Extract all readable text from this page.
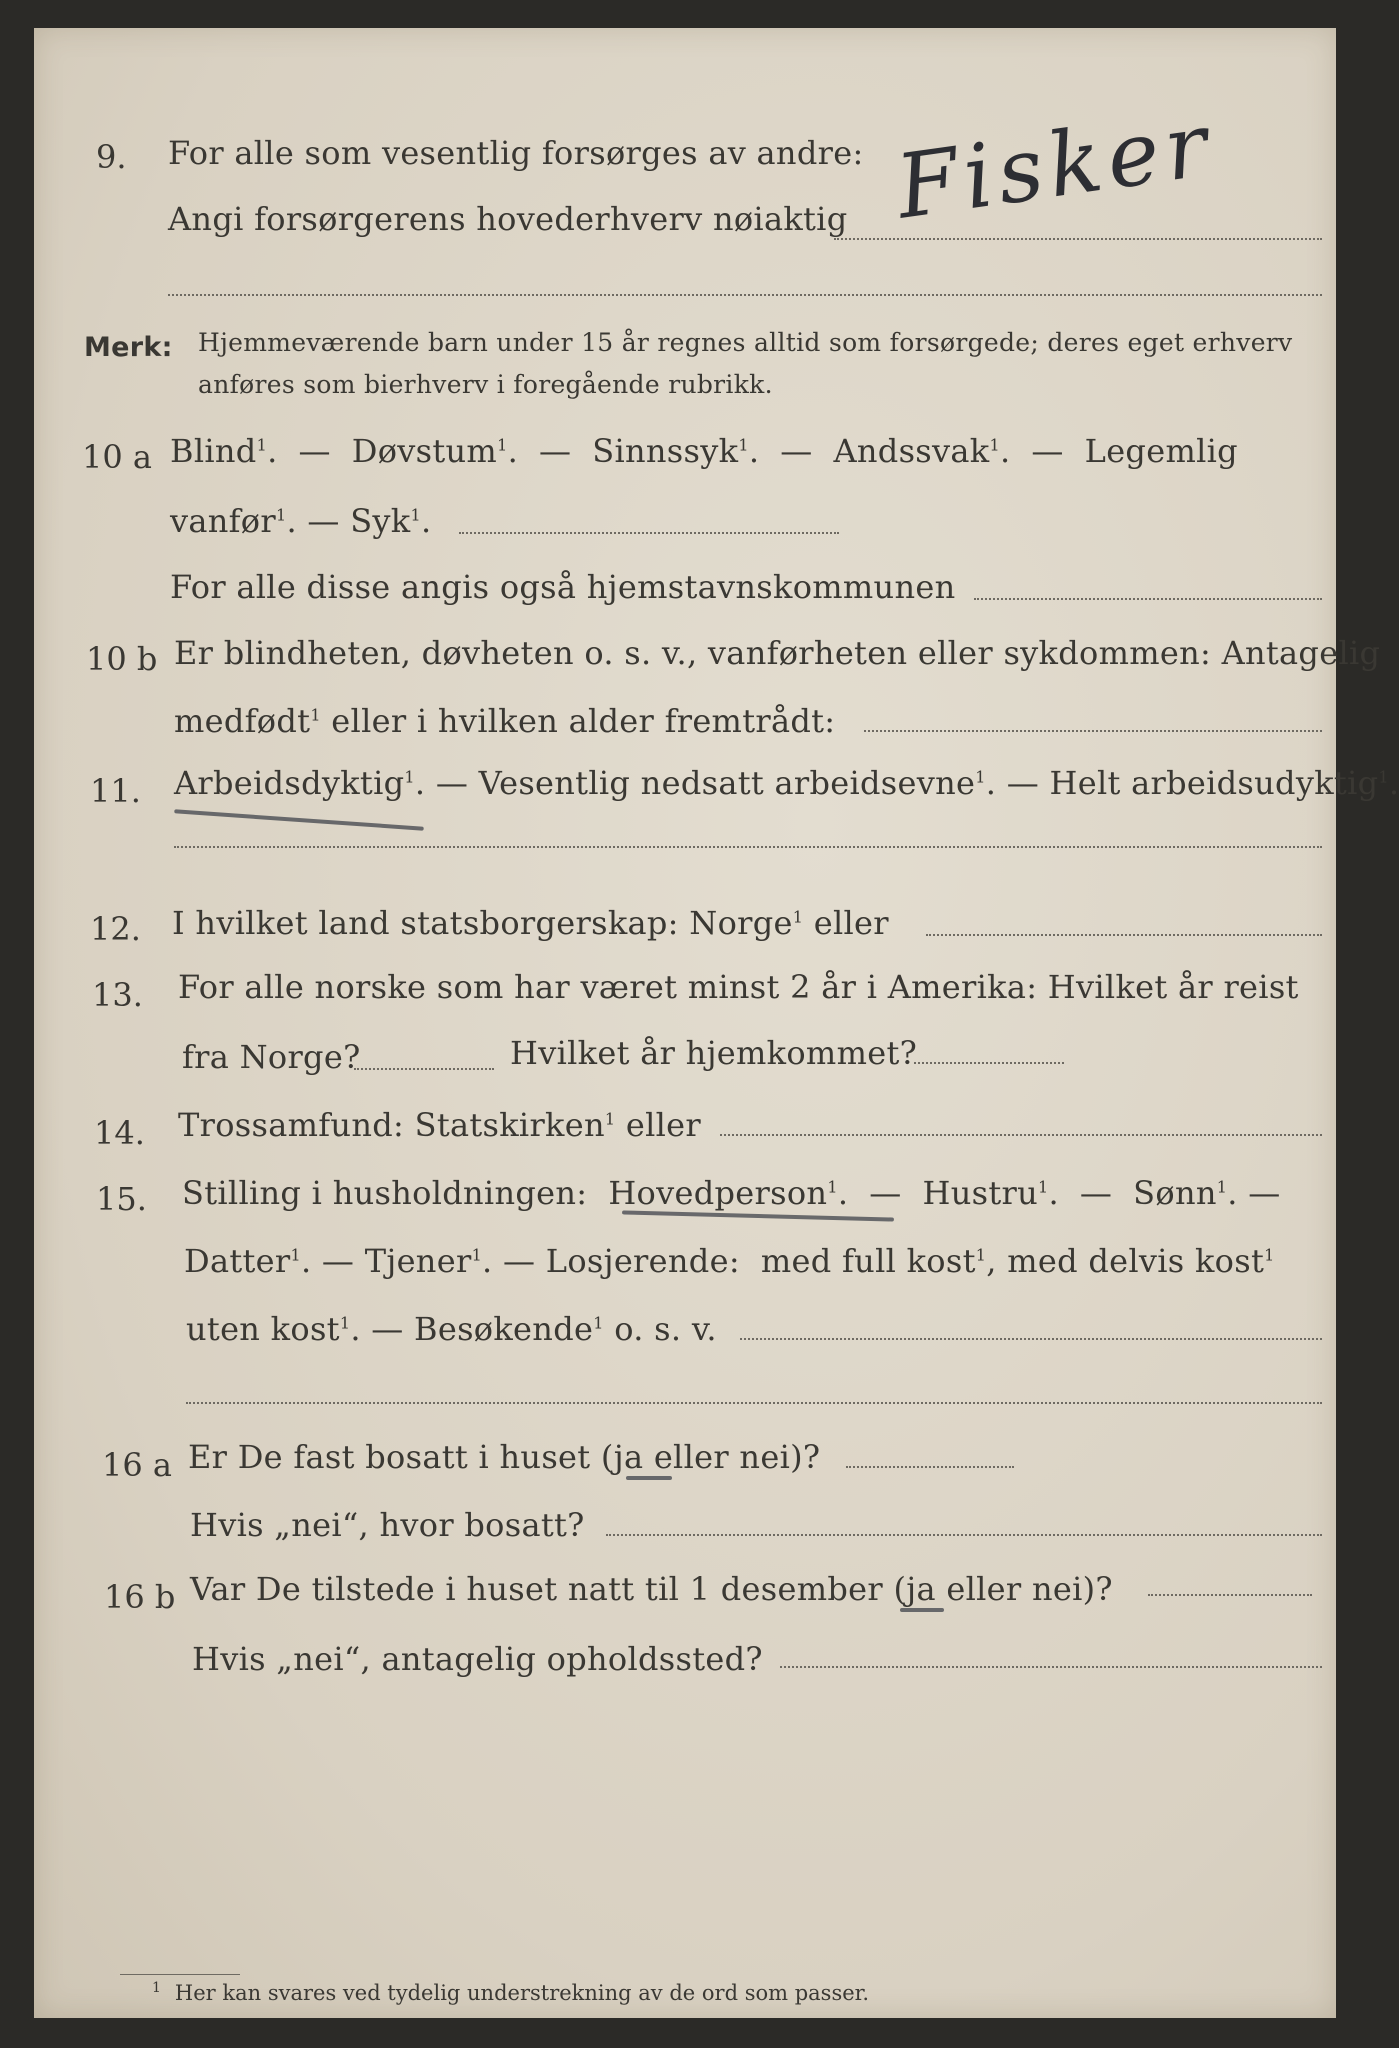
9. For alle som vesentlig forsørges av andre:
Angi forsørgerens hovederhverv nøiaktig Fisker
Merk: Hjemmeværende barn under 15 år regnes alltid som forsørgede; deres eget erhverv
anføres som bierhverv i foregående rubrikk.
10 a Blind$^1$.  —  Døvstum$^1$.  —  Sinnssyk$^1$.  —  Andssvak$^1$.  —  Legemlig
vanfør$^1$. — Syk$^1$.
For alle disse angis også hjemstavnskommunen
10 b Er blindheten, døvheten o. s. v., vanførheten eller sykdommen: Antagelig
medfødt$^1$ eller i hvilken alder fremtrådt:
11. Arbeidsdyktig$^1$. — Vesentlig nedsatt arbeidsevne$^1$. — Helt arbeidsudyktig$^1$.
12. I hvilket land statsborgerskap: Norge$^1$ eller
13. For alle norske som har været minst 2 år i Amerika: Hvilket år reist
fra Norge?	Hvilket år hjemkommet?
14. Trossamfund: Statskirken$^1$ eller
15. Stilling i husholdningen: Hovedperson$^1$.  —  Hustru$^1$.  —  Sønn$^1$. —
Datter$^1$. — Tjener$^1$. — Losjerende: med full kost$^1$, med delvis kost$^1$
uten kost$^1$. — Besøkende$^1$ o. s. v.
16 a Er De fast bosatt i huset (ja eller nei)?
Hvis „nei“, hvor bosatt?
16 b Var De tilstede i huset natt til 1 desember (ja eller nei)?
Hvis „nei“, antagelig opholdssted?
$^1$ Her kan svares ved tydelig understrekning av de ord som passer.
